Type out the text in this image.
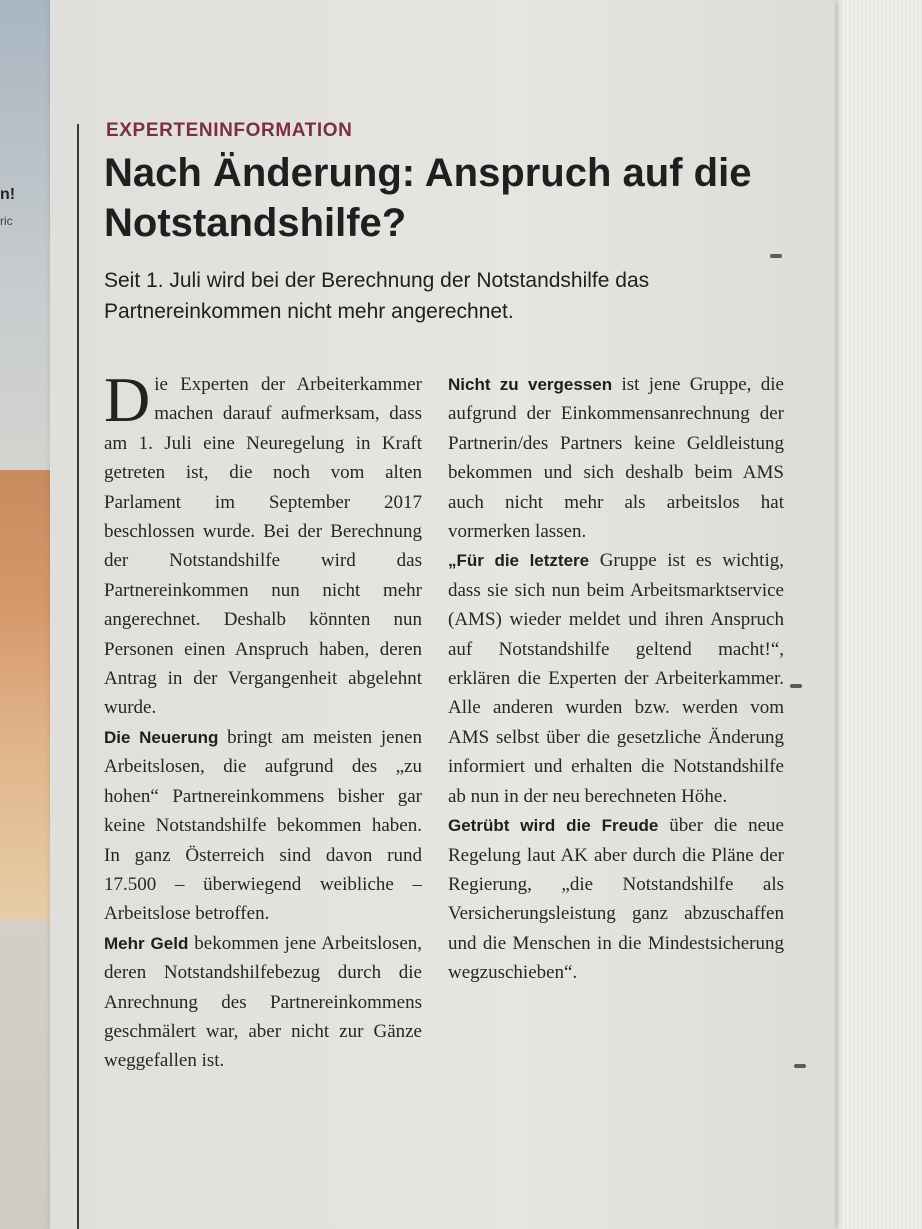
n!
ric
EXPERTENINFORMATION
Nach Änderung: Anspruch auf die Notstandshilfe?
Seit 1. Juli wird bei der Berechnung der Notstandshilfe das Partnereinkommen nicht mehr angerechnet.

Die Experten der Arbeiterkammer machen darauf aufmerksam, dass am 1. Juli eine Neuregelung in Kraft getreten ist, die noch vom alten Parlament im September 2017 beschlossen wurde. Bei der Berechnung der Notstandshilfe wird das Partnereinkommen nun nicht mehr angerechnet. Deshalb könnten nun Personen einen Anspruch haben, deren Antrag in der Vergangenheit abgelehnt wurde.

Die Neuerung bringt am meisten jenen Arbeitslosen, die aufgrund des „zu hohen“ Partnereinkommens bisher gar keine Notstandshilfe bekommen haben. In ganz Österreich sind davon rund 17.500 – überwiegend weibliche – Arbeitslose betroffen.

Mehr Geld bekommen jene Arbeitslosen, deren Notstandshilfebezug durch die Anrechnung des Partnereinkommens geschmälert war, aber nicht zur Gänze weggefallen ist.

Nicht zu vergessen ist jene Gruppe, die aufgrund der Einkommensanrechnung der Partnerin/des Partners keine Geldleistung bekommen und sich deshalb beim AMS auch nicht mehr als arbeitslos hat vormerken lassen.

„Für die letztere Gruppe ist es wichtig, dass sie sich nun beim Arbeitsmarktservice (AMS) wieder meldet und ihren Anspruch auf Notstandshilfe geltend macht!“, erklären die Experten der Arbeiterkammer. Alle anderen wurden bzw. werden vom AMS selbst über die gesetzliche Änderung informiert und erhalten die Notstandshilfe ab nun in der neu berechneten Höhe.

Getrübt wird die Freude über die neue Regelung laut AK aber durch die Pläne der Regierung, „die Notstandshilfe als Versicherungsleistung ganz abzuschaffen und die Menschen in die Mindestsicherung wegzuschieben“.
